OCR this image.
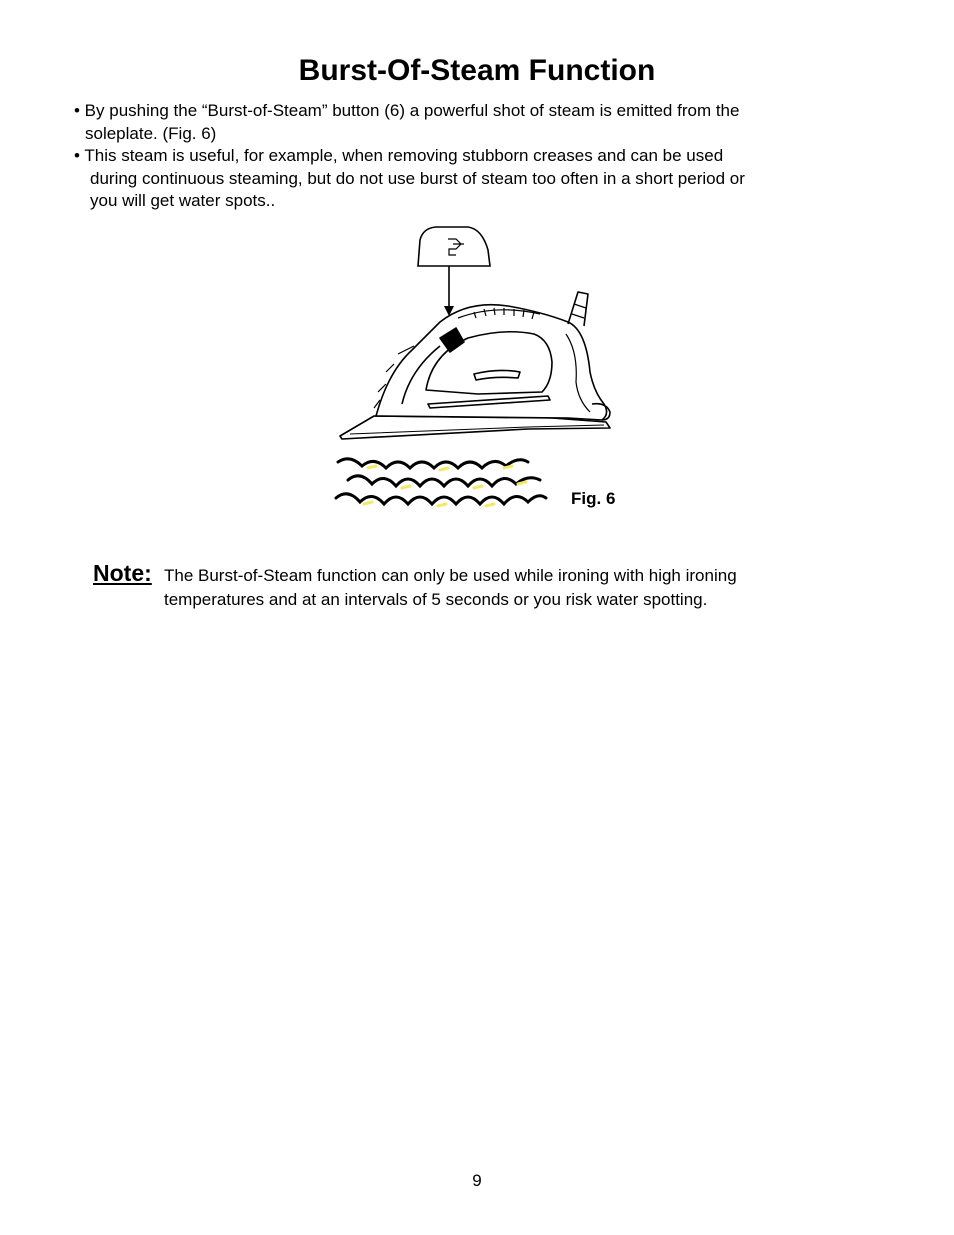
Burst-Of-Steam Function
• By pushing the “Burst-of-Steam” button (6) a powerful shot of steam is emitted from the
soleplate. (Fig. 6)
• This steam is useful, for example, when removing stubborn creases and can be used
during continuous steaming, but do not use burst of steam too often in a short period or
you will get water spots..
Fig. 6
Note: The Burst-of-Steam function can only be used while ironing with high ironing
temperatures and at an intervals of 5 seconds or you risk water spotting.
9
